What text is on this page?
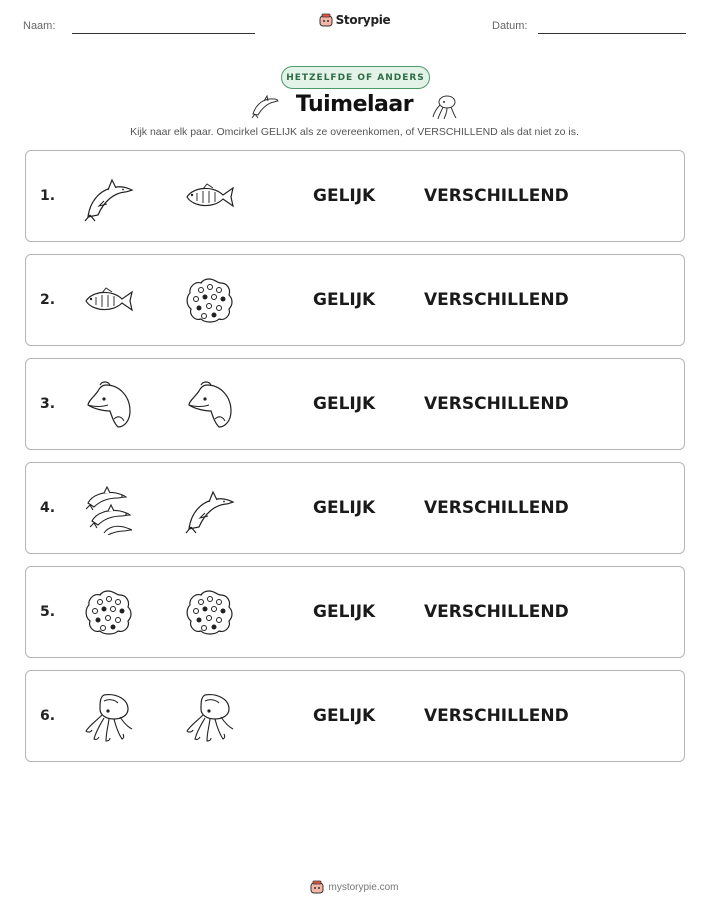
Naam:	Storypie	Datum:
HETZELFDE OF ANDERS
Tuimelaar
Kijk naar elk paar. Omcirkel GELIJK als ze overeenkomen, of VERSCHILLEND als dat niet zo is.
1.	GELIJK	VERSCHILLEND
2.	GELIJK	VERSCHILLEND
3.	GELIJK	VERSCHILLEND
4.	GELIJK	VERSCHILLEND
5.	GELIJK	VERSCHILLEND
6.	GELIJK	VERSCHILLEND
mystorypie.com
